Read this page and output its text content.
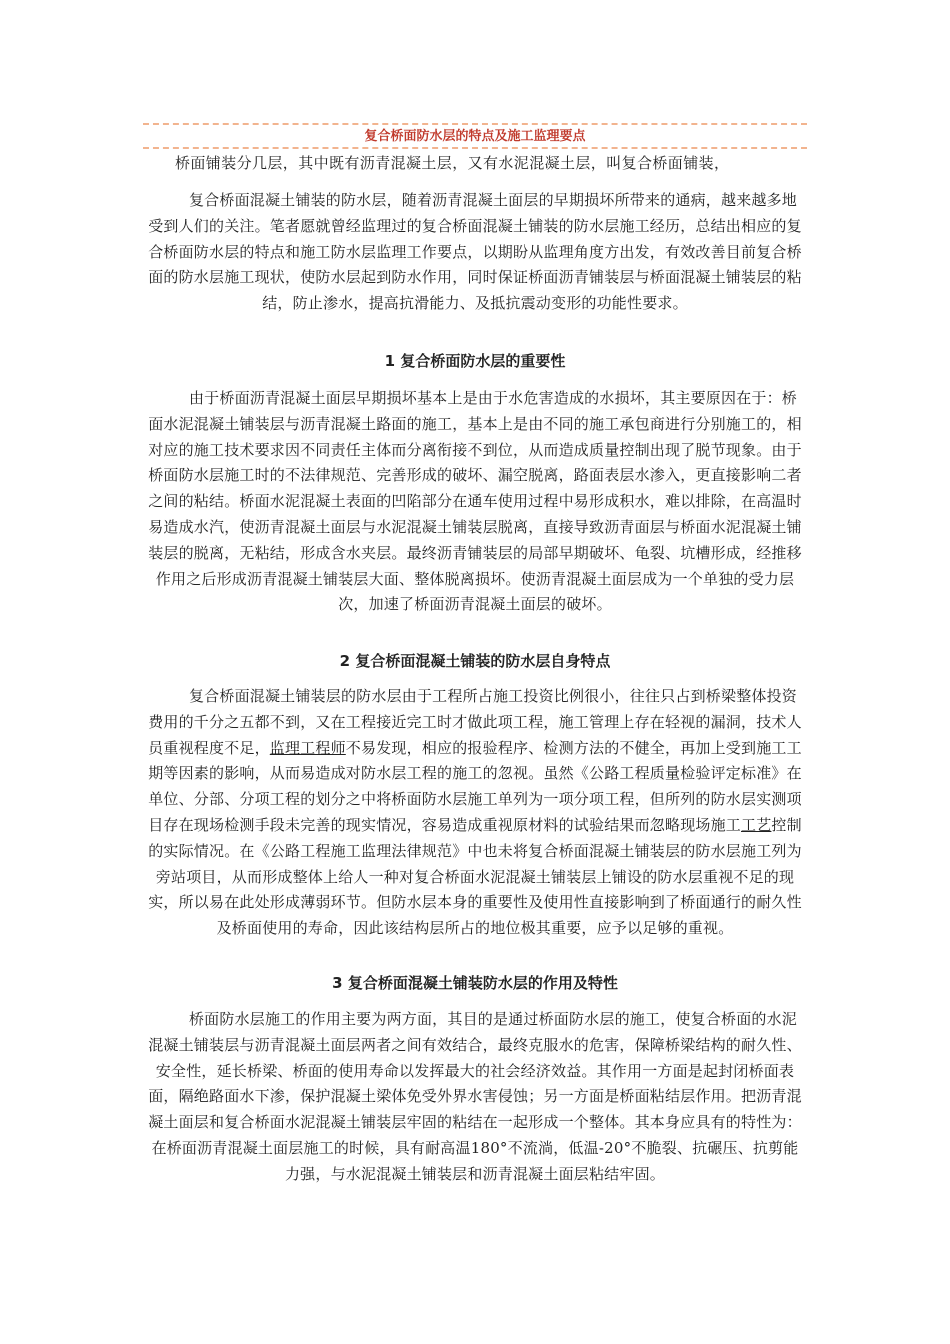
复合桥面防水层的特点及施工监理要点
桥面铺装分几层，其中既有沥青混凝土层，又有水泥混凝土层，叫复合桥面铺装，
复合桥面混凝土铺装的防水层，随着沥青混凝土面层的早期损坏所带来的通病，越来越多地受到人们的关注。笔者愿就曾经监理过的复合桥面混凝土铺装的防水层施工经历，总结出相应的复合桥面防水层的特点和施工防水层监理工作要点，以期盼从监理角度方出发，有效改善目前复合桥面的防水层施工现状，使防水层起到防水作用，同时保证桥面沥青铺装层与桥面混凝土铺装层的粘结，防止渗水，提高抗滑能力、及抵抗震动变形的功能性要求。
1 复合桥面防水层的重要性
由于桥面沥青混凝土面层早期损坏基本上是由于水危害造成的水损坏，其主要原因在于：桥面水泥混凝土铺装层与沥青混凝土路面的施工，基本上是由不同的施工承包商进行分别施工的，相对应的施工技术要求因不同责任主体而分离衔接不到位，从而造成质量控制出现了脱节现象。由于桥面防水层施工时的不法律规范、完善形成的破坏、漏空脱离，路面表层水渗入，更直接影响二者之间的粘结。桥面水泥混凝土表面的凹陷部分在通车使用过程中易形成积水，难以排除，在高温时易造成水汽，使沥青混凝土面层与水泥混凝土铺装层脱离，直接导致沥青面层与桥面水泥混凝土铺装层的脱离，无粘结，形成含水夹层。最终沥青铺装层的局部早期破坏、龟裂、坑槽形成，经推移作用之后形成沥青混凝土铺装层大面、整体脱离损坏。使沥青混凝土面层成为一个单独的受力层次，加速了桥面沥青混凝土面层的破坏。
2 复合桥面混凝土铺装的防水层自身特点
复合桥面混凝土铺装层的防水层由于工程所占施工投资比例很小，往往只占到桥梁整体投资费用的千分之五都不到，又在工程接近完工时才做此项工程，施工管理上存在轻视的漏洞，技术人员重视程度不足，监理工程师不易发现，相应的报验程序、检测方法的不健全，再加上受到施工工期等因素的影响，从而易造成对防水层工程的施工的忽视。虽然《公路工程质量检验评定标准》在单位、分部、分项工程的划分之中将桥面防水层施工单列为一项分项工程，但所列的防水层实测项目存在现场检测手段未完善的现实情况，容易造成重视原材料的试验结果而忽略现场施工工艺控制的实际情况。在《公路工程施工监理法律规范》中也未将复合桥面混凝土铺装层的防水层施工列为旁站项目，从而形成整体上给人一种对复合桥面水泥混凝土铺装层上铺设的防水层重视不足的现实，所以易在此处形成薄弱环节。但防水层本身的重要性及使用性直接影响到了桥面通行的耐久性及桥面使用的寿命，因此该结构层所占的地位极其重要，应予以足够的重视。
3 复合桥面混凝土铺装防水层的作用及特性
桥面防水层施工的作用主要为两方面，其目的是通过桥面防水层的施工，使复合桥面的水泥混凝土铺装层与沥青混凝土面层两者之间有效结合，最终克服水的危害，保障桥梁结构的耐久性、安全性，延长桥梁、桥面的使用寿命以发挥最大的社会经济效益。其作用一方面是起封闭桥面表面，隔绝路面水下渗，保护混凝土梁体免受外界水害侵蚀；另一方面是桥面粘结层作用。把沥青混凝土面层和复合桥面水泥混凝土铺装层牢固的粘结在一起形成一个整体。其本身应具有的特性为：在桥面沥青混凝土面层施工的时候，具有耐高温180°不流淌，低温-20°不脆裂、抗碾压、抗剪能力强，与水泥混凝土铺装层和沥青混凝土面层粘结牢固。
